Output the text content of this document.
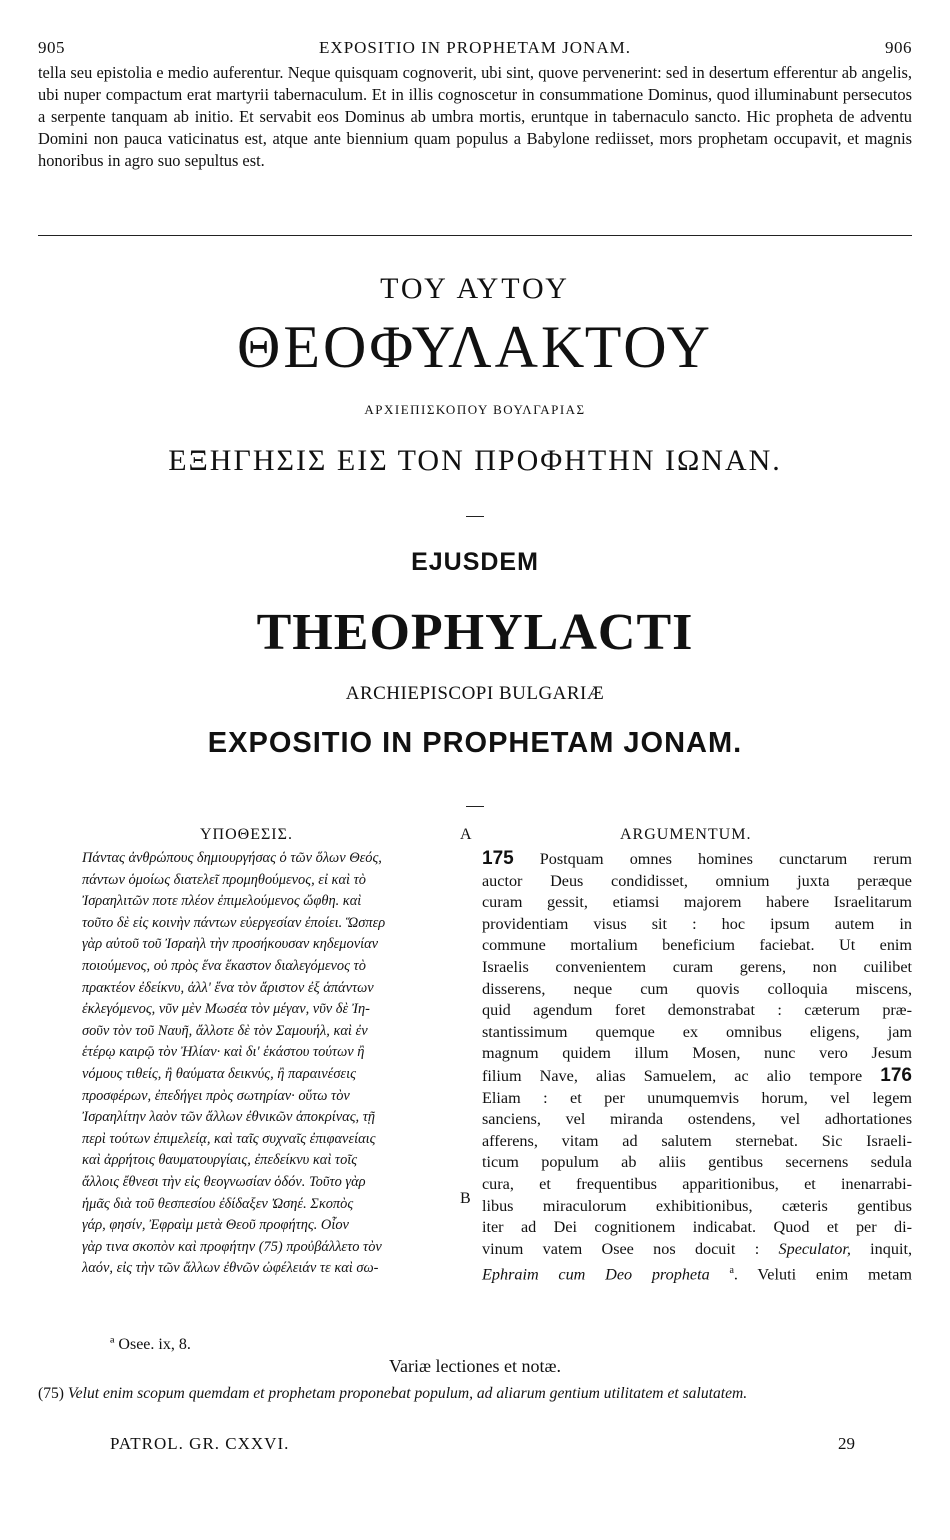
905	EXPOSITIO IN PROPHETAM JONAM.	906
tella seu epistolia e medio auferentur. Neque quisquam cognoverit, ubi sint, quove pervenerint: sed in desertum efferentur ab angelis, ubi nuper compactum erat martyrii tabernaculum. Et in illis cognoscetur in consummatione Dominus, quod illuminabunt persecutos a serpente tanquam ab initio. Et servabit eos Dominus ab umbra mortis, eruntque in tabernaculo sancto. Hic propheta de adventu Domini non pauca vaticinatus est, atque ante biennium quam populus a Babylone rediisset, mors prophetam occupavit, et magnis honoribus in agro suo sepultus est.
ΤΟΥ ΑΥΤΟΥ
ΘΕΟΦΥΛΑΚΤΟΥ
ΑΡΧΙΕΠΙΣΚΟΠΟΥ ΒΟΥΛΓΑΡΙΑΣ
ΕΞΗΓΗΣΙΣ ΕΙΣ ΤΟΝ ΠΡΟΦΗΤΗΝ ΙΩΝΑΝ.
EJUSDEM
THEOPHYLACTI
ARCHIEPISCOPI BULGARIÆ
EXPOSITIO IN PROPHETAM JONAM.
ΥΠΟΘΕΣΙΣ.	ARGUMENTUM.
A
B
Πάντας ἀνθρώπους δημιουργήσας ὁ τῶν ὅλων Θεός,
πάντων ὁμοίως διατελεῖ προμηθούμενος, εἰ καὶ τὸ
Ἰσραηλιτῶν ποτε πλέον ἐπιμελούμενος ὤφθη. καὶ
τοῦτο δὲ εἰς κοινὴν πάντων εὐεργεσίαν ἐποίει. Ὥσπερ
γὰρ αὐτοῦ τοῦ Ἰσραὴλ τὴν προσήκουσαν κηδεμονίαν
ποιούμενος, οὐ πρὸς ἕνα ἕκαστον διαλεγόμενος τὸ
πρακτέον ἐδείκνυ, ἀλλ' ἕνα τὸν ἄριστον ἐξ ἁπάντων
ἐκλεγόμενος, νῦν μὲν Μωσέα τὸν μέγαν, νῦν δὲ Ἰη-
σοῦν τὸν τοῦ Ναυῆ, ἄλλοτε δὲ τὸν Σαμουήλ, καὶ ἐν
ἑτέρῳ καιρῷ τὸν Ἠλίαν· καὶ δι' ἑκάστου τούτων ἢ
νόμους τιθείς, ἢ θαύματα δεικνύς, ἢ παραινέσεις
προσφέρων, ἐπεδήγει πρὸς σωτηρίαν· οὕτω τὸν
Ἰσραηλίτην λαὸν τῶν ἄλλων ἐθνικῶν ἀποκρίνας, τῇ
περὶ τούτων ἐπιμελείᾳ, καὶ ταῖς συχναῖς ἐπιφανείαις
καὶ ἀρρήτοις θαυματουργίαις, ἐπεδείκνυ καὶ τοῖς
ἄλλοις ἔθνεσι τὴν εἰς θεογνωσίαν ὁδόν. Τοῦτο γὰρ
ἡμᾶς διὰ τοῦ θεσπεσίου ἐδίδαξεν Ὠσηέ. Σκοπὸς
γάρ, φησίν, Ἐφραὶμ μετὰ Θεοῦ προφήτης. Οἷον
γὰρ τινα σκοπὸν καὶ προφήτην (75) προὐβάλλετο τὸν
λαόν, εἰς τὴν τῶν ἄλλων ἐθνῶν ὠφέλειάν τε καὶ σω-
175 Postquam omnes homines cunctarum rerum
auctor Deus condidisset, omnium juxta peræque
curam gessit, etiamsi majorem habere Israelitarum
providentiam visus sit : hoc ipsum autem in
commune mortalium beneficium faciebat. Ut enim
Israelis convenientem curam gerens, non cuilibet
disserens, neque cum quovis colloquia miscens,
quid agendum foret demonstrabat : cæterum præ-
stantissimum quemque ex omnibus eligens, jam
magnum quidem illum Mosen, nunc vero Jesum
filium Nave, alias Samuelem, ac alio tempore 176
Eliam : et per unumquemvis horum, vel legem
sanciens, vel miranda ostendens, vel adhortationes
afferens, vitam ad salutem sternebat. Sic Israeli-
ticum populum ab aliis gentibus secernens sedula
cura, et frequentibus apparitionibus, et inenarrabi-
libus miraculorum exhibitionibus, cæteris gentibus
iter ad Dei cognitionem indicabat. Quod et per di-
vinum vatem Osee nos docuit : Speculator, inquit,
Ephraim cum Deo propheta $^a$. Veluti enim metam
ª Osee. ix, 8.
Variæ lectiones et notæ.
(75) Velut enim scopum quemdam et prophetam proponebat populum, ad aliarum gentium utilitatem et salutatem.
PATROL. GR. CXXVI.	29
